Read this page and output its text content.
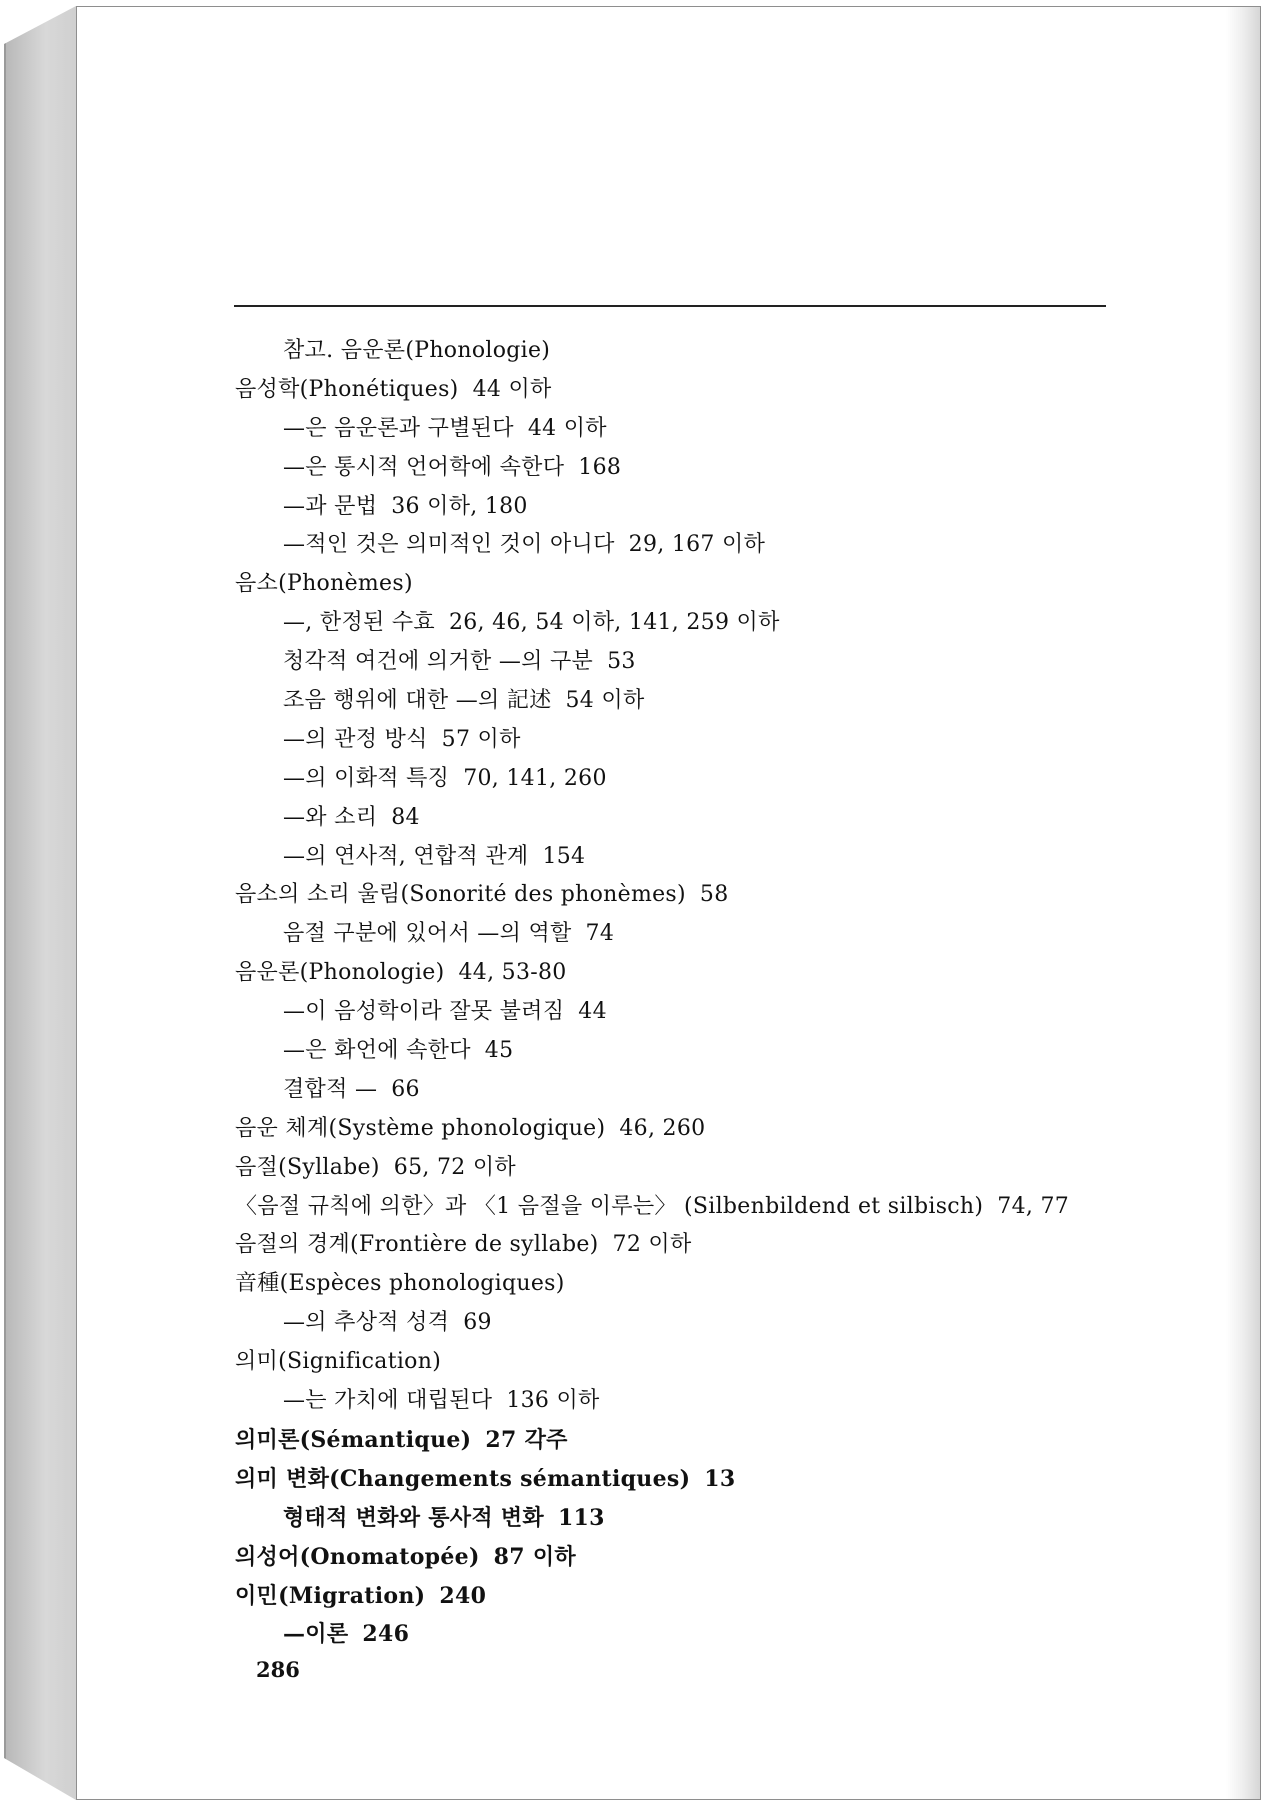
참고. 음운론(Phonologie)
음성학(Phonétiques) 44 이하
—은 음운론과 구별된다 44 이하
—은 통시적 언어학에 속한다 168
—과 문법 36 이하, 180
—적인 것은 의미적인 것이 아니다 29, 167 이하
음소(Phonèmes)
—, 한정된 수효 26, 46, 54 이하, 141, 259 이하
청각적 여건에 의거한 —의 구분 53
조음 행위에 대한 —의 記述 54 이하
—의 관정 방식 57 이하
—의 이화적 특징 70, 141, 260
—와 소리 84
—의 연사적, 연합적 관계 154
음소의 소리 울림(Sonorité des phonèmes) 58
음절 구분에 있어서 —의 역할 74
음운론(Phonologie) 44, 53-80
—이 음성학이라 잘못 불려짐 44
—은 화언에 속한다 45
결합적 — 66
음운 체계(Système phonologique) 46, 260
음절(Syllabe) 65, 72 이하
〈음절 규칙에 의한〉과 〈1 음절을 이루는〉 (Silbenbildend et silbisch) 74, 77
음절의 경계(Frontière de syllabe) 72 이하
音種(Espèces phonologiques)
—의 추상적 성격 69
의미(Signification)
—는 가치에 대립된다 136 이하
의미론(Sémantique) 27 각주
의미 변화(Changements sémantiques) 13
형태적 변화와 통사적 변화 113
의성어(Onomatopée) 87 이하
이민(Migration) 240
—이론 246
286
